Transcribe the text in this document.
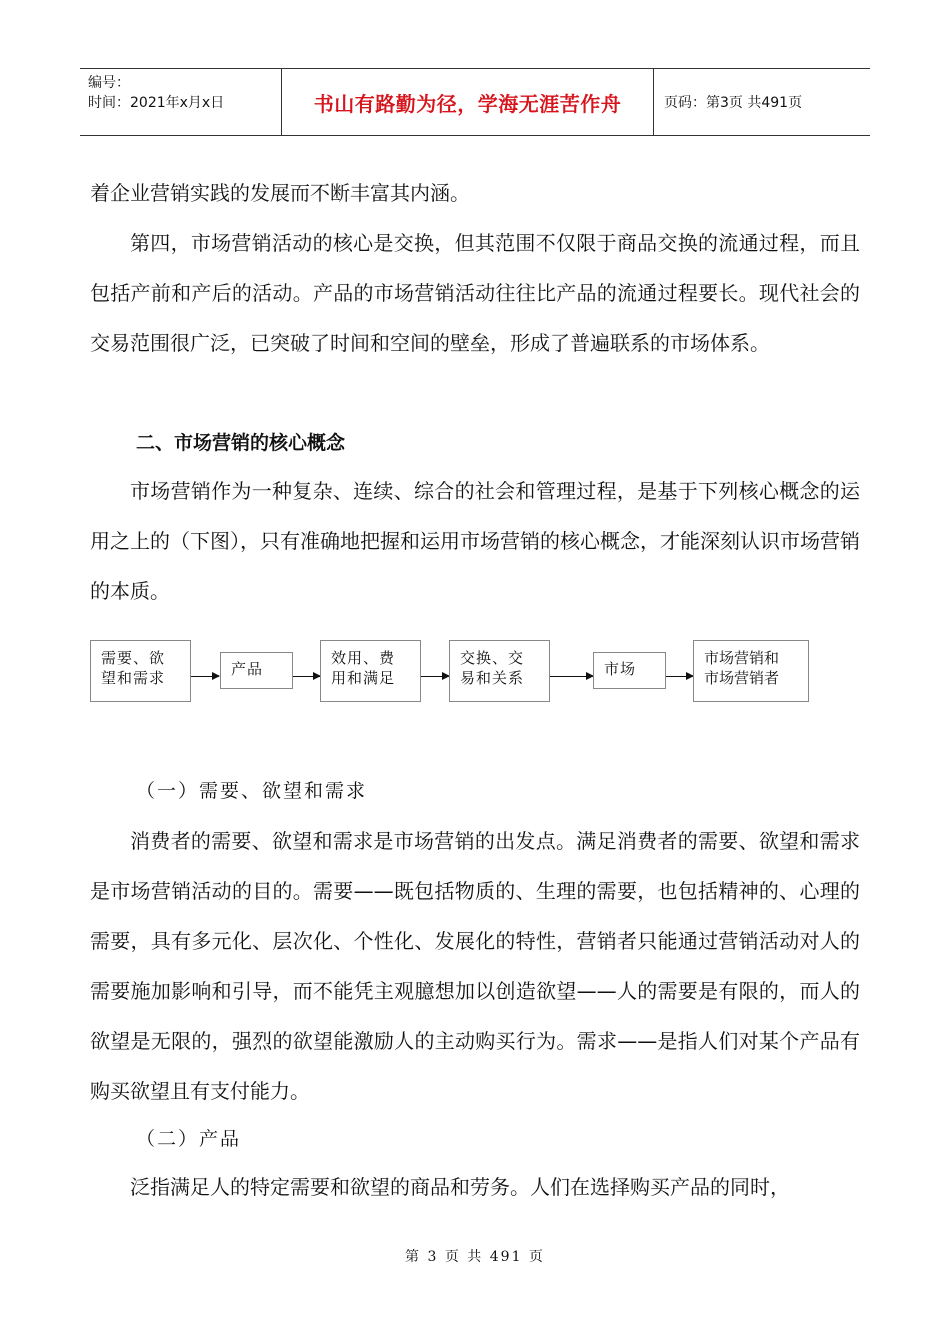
编号：
时间：2021年x月x日	书山有路勤为径，学海无涯苦作舟	页码：第3页 共491页

着企业营销实践的发展而不断丰富其内涵。

第四，市场营销活动的核心是交换，但其范围不仅限于商品交换的流通过程，而且包括产前和产后的活动。产品的市场营销活动往往比产品的流通过程要长。现代社会的交易范围很广泛，已突破了时间和空间的壁垒，形成了普遍联系的市场体系。

二、市场营销的核心概念

市场营销作为一种复杂、连续、综合的社会和管理过程，是基于下列核心概念的运用之上的（下图），只有准确地把握和运用市场营销的核心概念，才能深刻认识市场营销的本质。

需要、欲
望和需求	产品
效用、费
用和满足
交换、交
易和关系	市场
市场营销和
市场营销者
（一）需要、欲望和需求

消费者的需要、欲望和需求是市场营销的出发点。满足消费者的需要、欲望和需求是市场营销活动的目的。需要——既包括物质的、生理的需要，也包括精神的、心理的需要，具有多元化、层次化、个性化、发展化的特性，营销者只能通过营销活动对人的需要施加影响和引导，而不能凭主观臆想加以创造欲望——人的需要是有限的，而人的欲望是无限的，强烈的欲望能激励人的主动购买行为。需求——是指人们对某个产品有购买欲望且有支付能力。

（二）产品

泛指满足人的特定需要和欲望的商品和劳务。人们在选择购买产品的同时，

第 3 页 共 491 页
